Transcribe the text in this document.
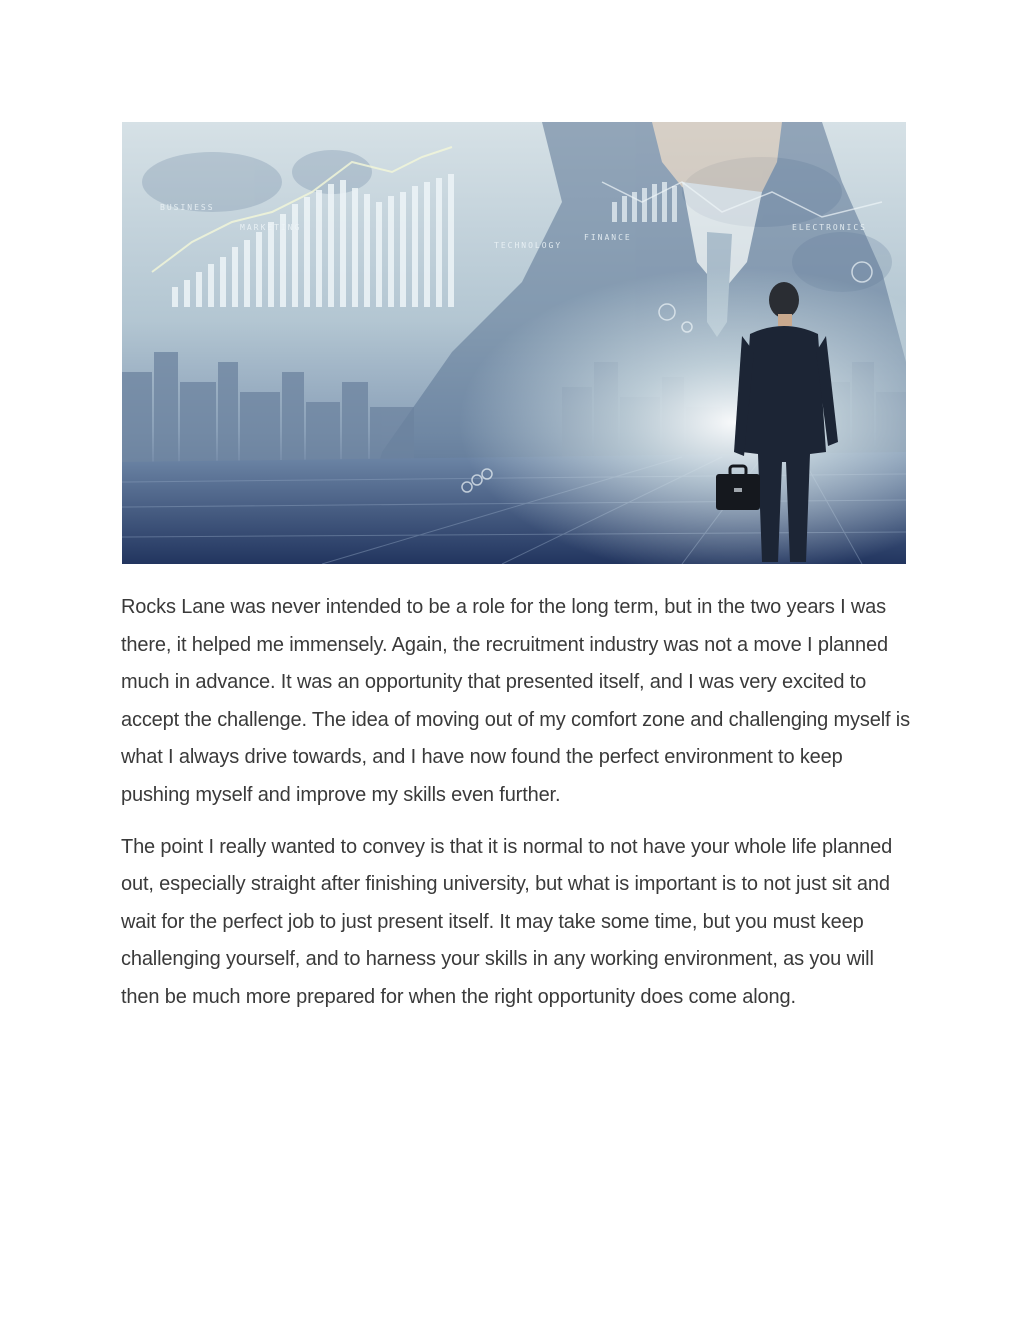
Rocks Lane was never intended to be a role for the long term, but in the two years I was there, it helped me immensely. Again, the recruitment industry was not a move I planned much in advance. It was an opportunity that presented itself, and I was very excited to accept the challenge. The idea of moving out of my comfort zone and challenging myself is what I always drive towards, and I have now found the perfect environment to keep pushing myself and improve my skills even further.

The point I really wanted to convey is that it is normal to not have your whole life planned out, especially straight after finishing university, but what is important is to not just sit and wait for the perfect job to just present itself. It may take some time, but you must keep challenging yourself, and to harness your skills in any working environment, as you will then be much more prepared for when the right opportunity does come along.
